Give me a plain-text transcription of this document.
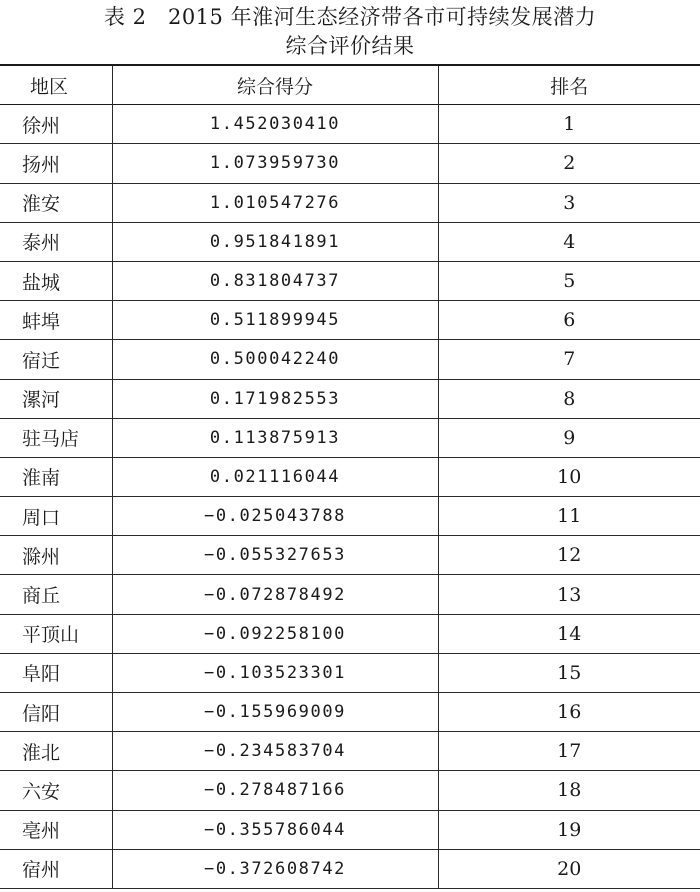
表 2　2015 年淮河生态经济带各市可持续发展潜力
综合评价结果
地区	综合得分	排名
徐州	1.452030410	1
扬州	1.073959730	2
淮安	1.010547276	3
泰州	0.951841891	4
盐城	0.831804737	5
蚌埠	0.511899945	6
宿迁	0.500042240	7
漯河	0.171982553	8
驻马店	0.113875913	9
淮南	0.021116044	10
周口	−0.025043788	11
滁州	−0.055327653	12
商丘	−0.072878492	13
平顶山	−0.092258100	14
阜阳	−0.103523301	15
信阳	−0.155969009	16
淮北	−0.234583704	17
六安	−0.278487166	18
亳州	−0.355786044	19
宿州	−0.372608742	20
